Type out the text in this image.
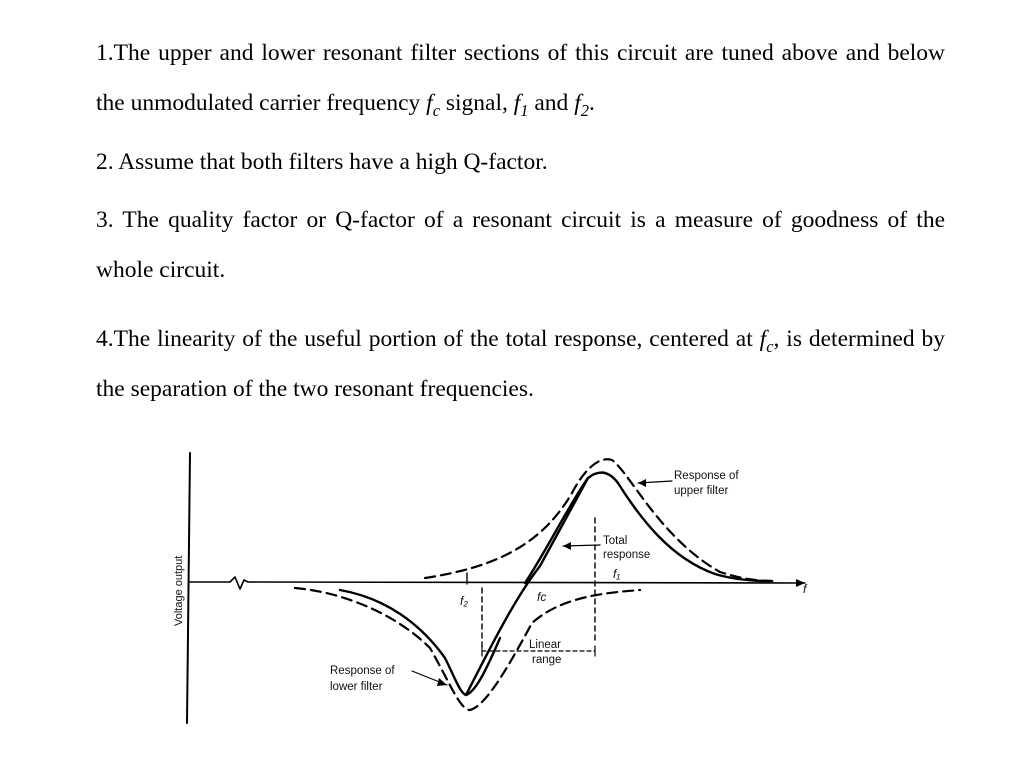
1.The upper and lower resonant filter sections of this circuit are tuned above and below the unmodulated carrier frequency $f_c$ signal, $f_1$ and $f_2$.

2. Assume that both filters have a high Q-factor.

3. The quality factor or Q-factor of a resonant circuit is a measure of goodness of the whole circuit.

4.The linearity of the useful portion of the total response, centered at $f_c$, is determined by the separation of the two resonant frequencies.

Voltage output	f
Response of
upper filter
Total
response
Response of
lower filter
Linear
range
f₂	fᴄ
f₁
